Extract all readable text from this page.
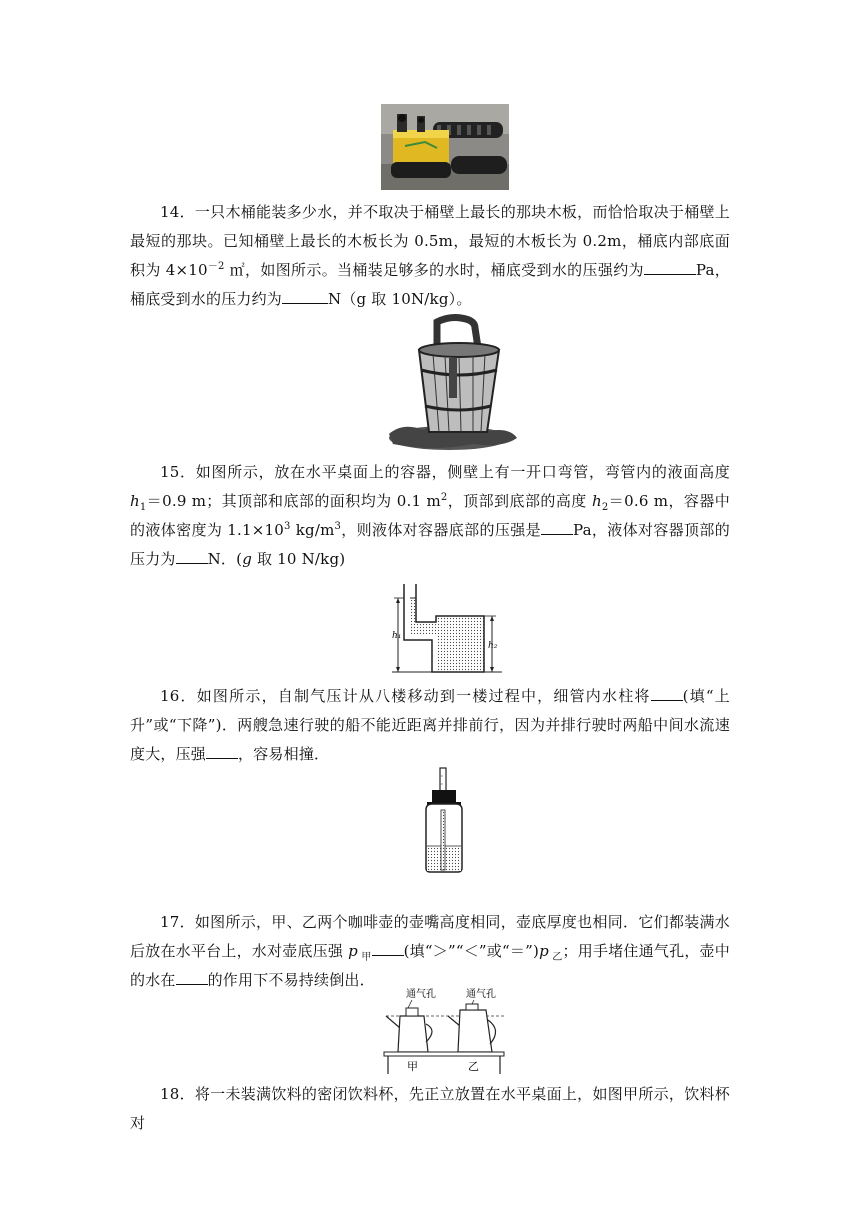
14．一只木桶能装多少水，并不取决于桶壁上最长的那块木板，而恰恰取决于桶壁上最短的那块。已知桶壁上最长的木板长为 0.5m，最短的木板长为 0.2m，桶底内部底面积为 $4\times 10^{-2}$ ㎡，如图所示。当桶装足够多的水时，桶底受到水的压强约为	Pa，桶底受到水的压力约为	N（g 取 10N/kg）。
15．如图所示，放在水平桌面上的容器，侧壁上有一开口弯管，弯管内的液面高度 $h_1=0.9$ m；其顶部和底部的面积均为 0.1 $m^2$，顶部到底部的高度 $h_2=0.6$ m，容器中的液体密度为 $1.1\times 10^3$ $kg/m^3$，则液体对容器底部的压强是 Pa，液体对容器顶部的压力为 N．(g 取 10 N/kg)
h₁
h₂
16．如图所示，自制气压计从八楼移动到一楼过程中，细管内水柱将 (填“上升”或“下降”)．两艘急速行驶的船不能近距离并排前行，因为并排行驶时两船中间水流速度大，压强 ，容易相撞．
17．如图所示，甲、乙两个咖啡壶的壶嘴高度相同，壶底厚度也相同．它们都装满水后放在水平台上，水对壶底压强 p $_甲$ (填“＞”“＜”或“＝”)p $_乙$；用手堵住通气孔，壶中的水在 的作用下不易持续倒出．
通气孔	通气孔
甲	乙
18．将一未装满饮料的密闭饮料杯，先正立放置在水平桌面上，如图甲所示，饮料杯对
